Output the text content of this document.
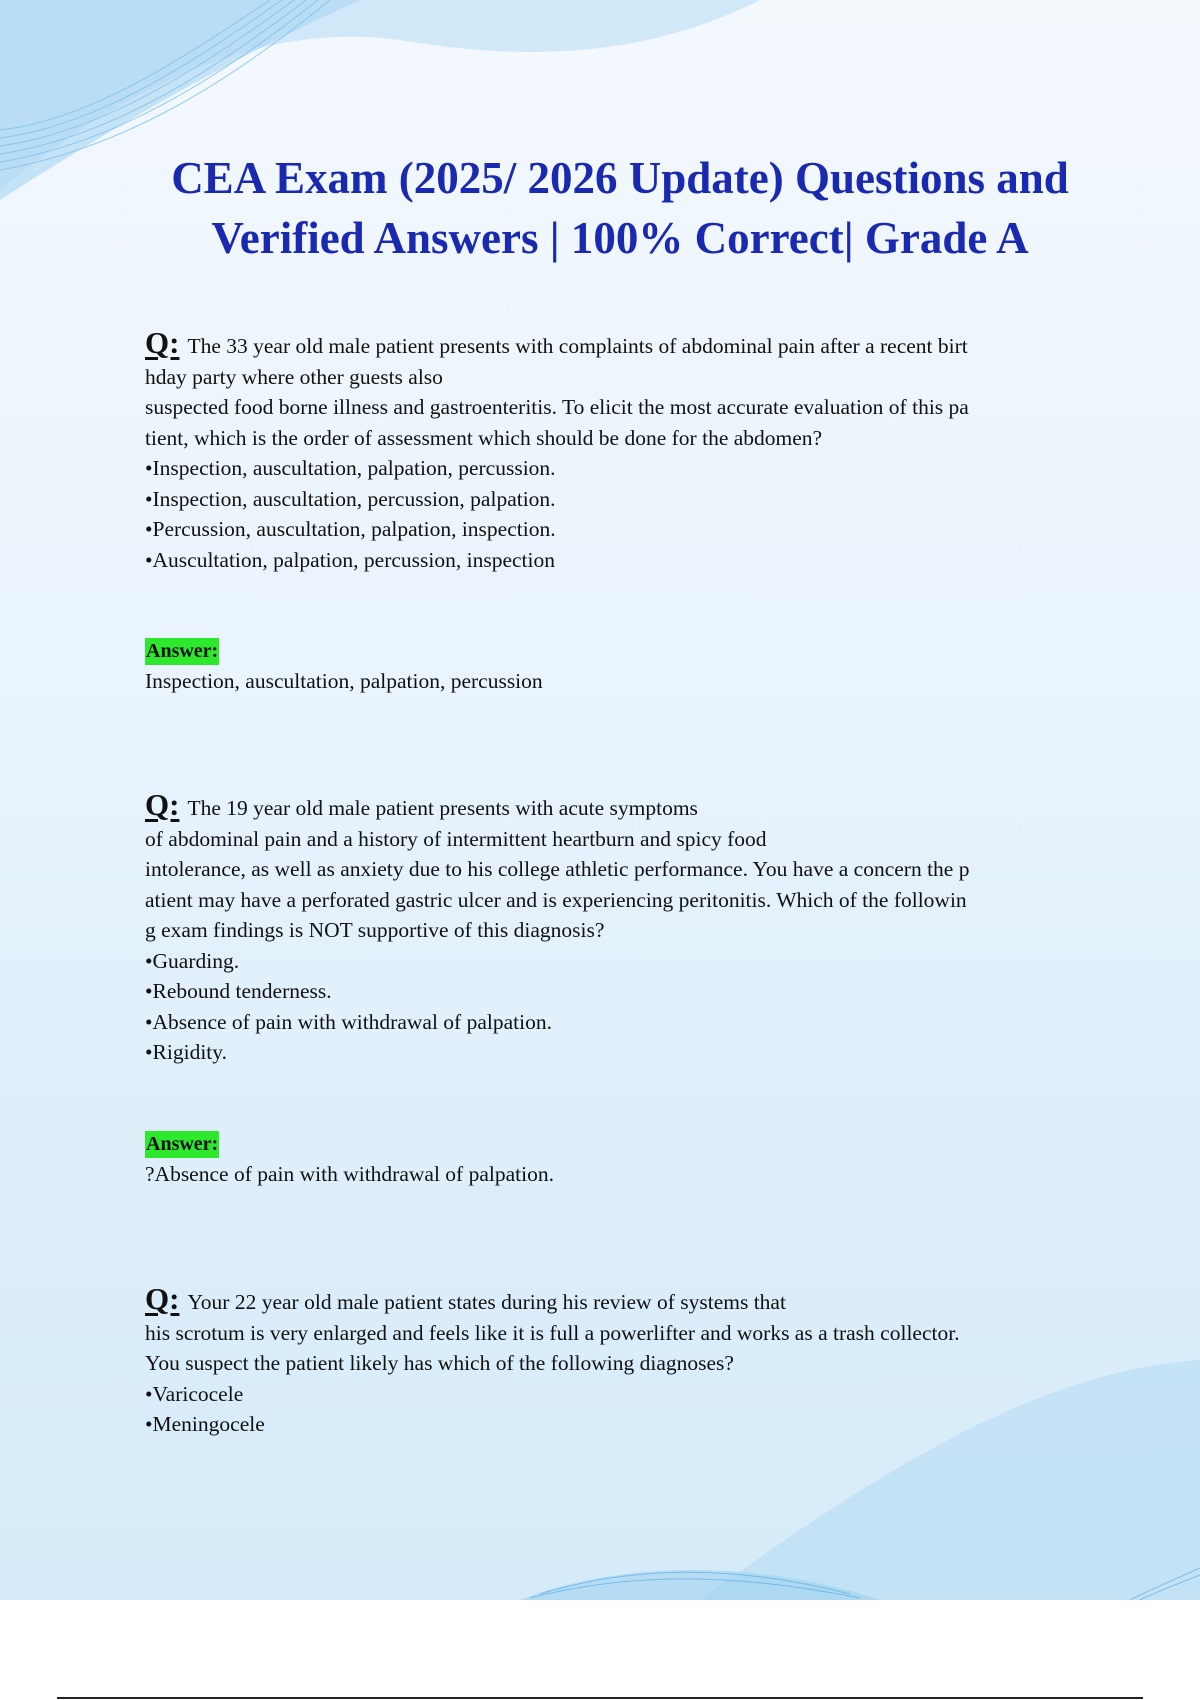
CEA Exam (2025/ 2026 Update) Questions and Verified Answers | 100% Correct| Grade A
Q: The 33 year old male patient presents with complaints of abdominal pain after a recent birt
hday party where other guests also
suspected food borne illness and gastroenteritis. To elicit the most accurate evaluation of this pa
tient, which is the order of assessment which should be done for the abdomen?
•Inspection, auscultation, palpation, percussion.
•Inspection, auscultation, percussion, palpation.
•Percussion, auscultation, palpation, inspection.
•Auscultation, palpation, percussion, inspection
Answer:
Inspection, auscultation, palpation, percussion
Q: The 19 year old male patient presents with acute symptoms
of abdominal pain and a history of intermittent heartburn and spicy food
intolerance, as well as anxiety due to his college athletic performance. You have a concern the p
atient may have a perforated gastric ulcer and is experiencing peritonitis. Which of the followin
g exam findings is NOT supportive of this diagnosis?
•Guarding.
•Rebound tenderness.
•Absence of pain with withdrawal of palpation.
•Rigidity.
Answer:
?Absence of pain with withdrawal of palpation.
Q: Your 22 year old male patient states during his review of systems that
his scrotum is very enlarged and feels like it is full a powerlifter and works as a trash collector.
You suspect the patient likely has which of the following diagnoses?
•Varicocele
•Meningocele
